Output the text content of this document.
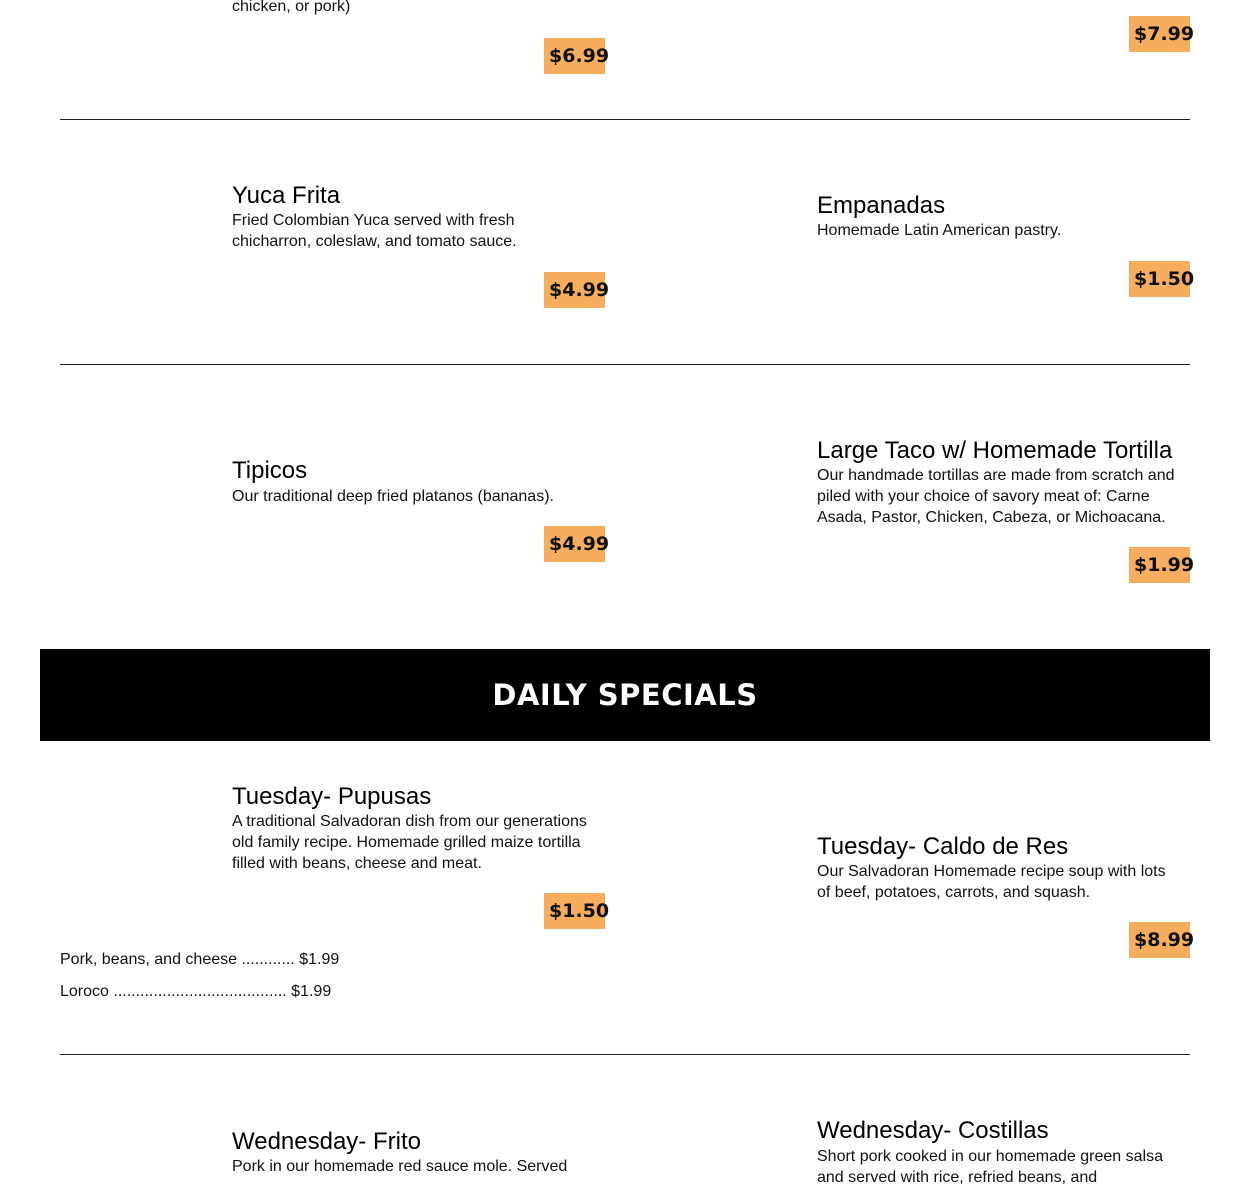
chicken, or pork)
$6.99
$7.99
Yuca Frita
Fried Colombian Yuca served with fresh chicharron, coleslaw, and tomato sauce.
$4.99
Empanadas
Homemade Latin American pastry.
$1.50
Tipicos
Our traditional deep fried platanos (bananas).
$4.99
Large Taco w/ Homemade Tortilla
Our handmade tortillas are made from scratch and piled with your choice of savory meat of: Carne Asada, Pastor, Chicken, Cabeza, or Michoacana.
$1.99
DAILY SPECIALS
Tuesday- Pupusas
A traditional Salvadoran dish from our generations old family recipe. Homemade grilled maize tortilla filled with beans, cheese and meat.
$1.50
Pork, beans, and cheese ............ $1.99
Loroco ....................................... $1.99
Tuesday- Caldo de Res
Our Salvadoran Homemade recipe soup with lots of beef, potatoes, carrots, and squash.
$8.99
Wednesday- Frito
Pork in our homemade red sauce mole. Served
Wednesday- Costillas
Short pork cooked in our homemade green salsa and served with rice, refried beans, and
